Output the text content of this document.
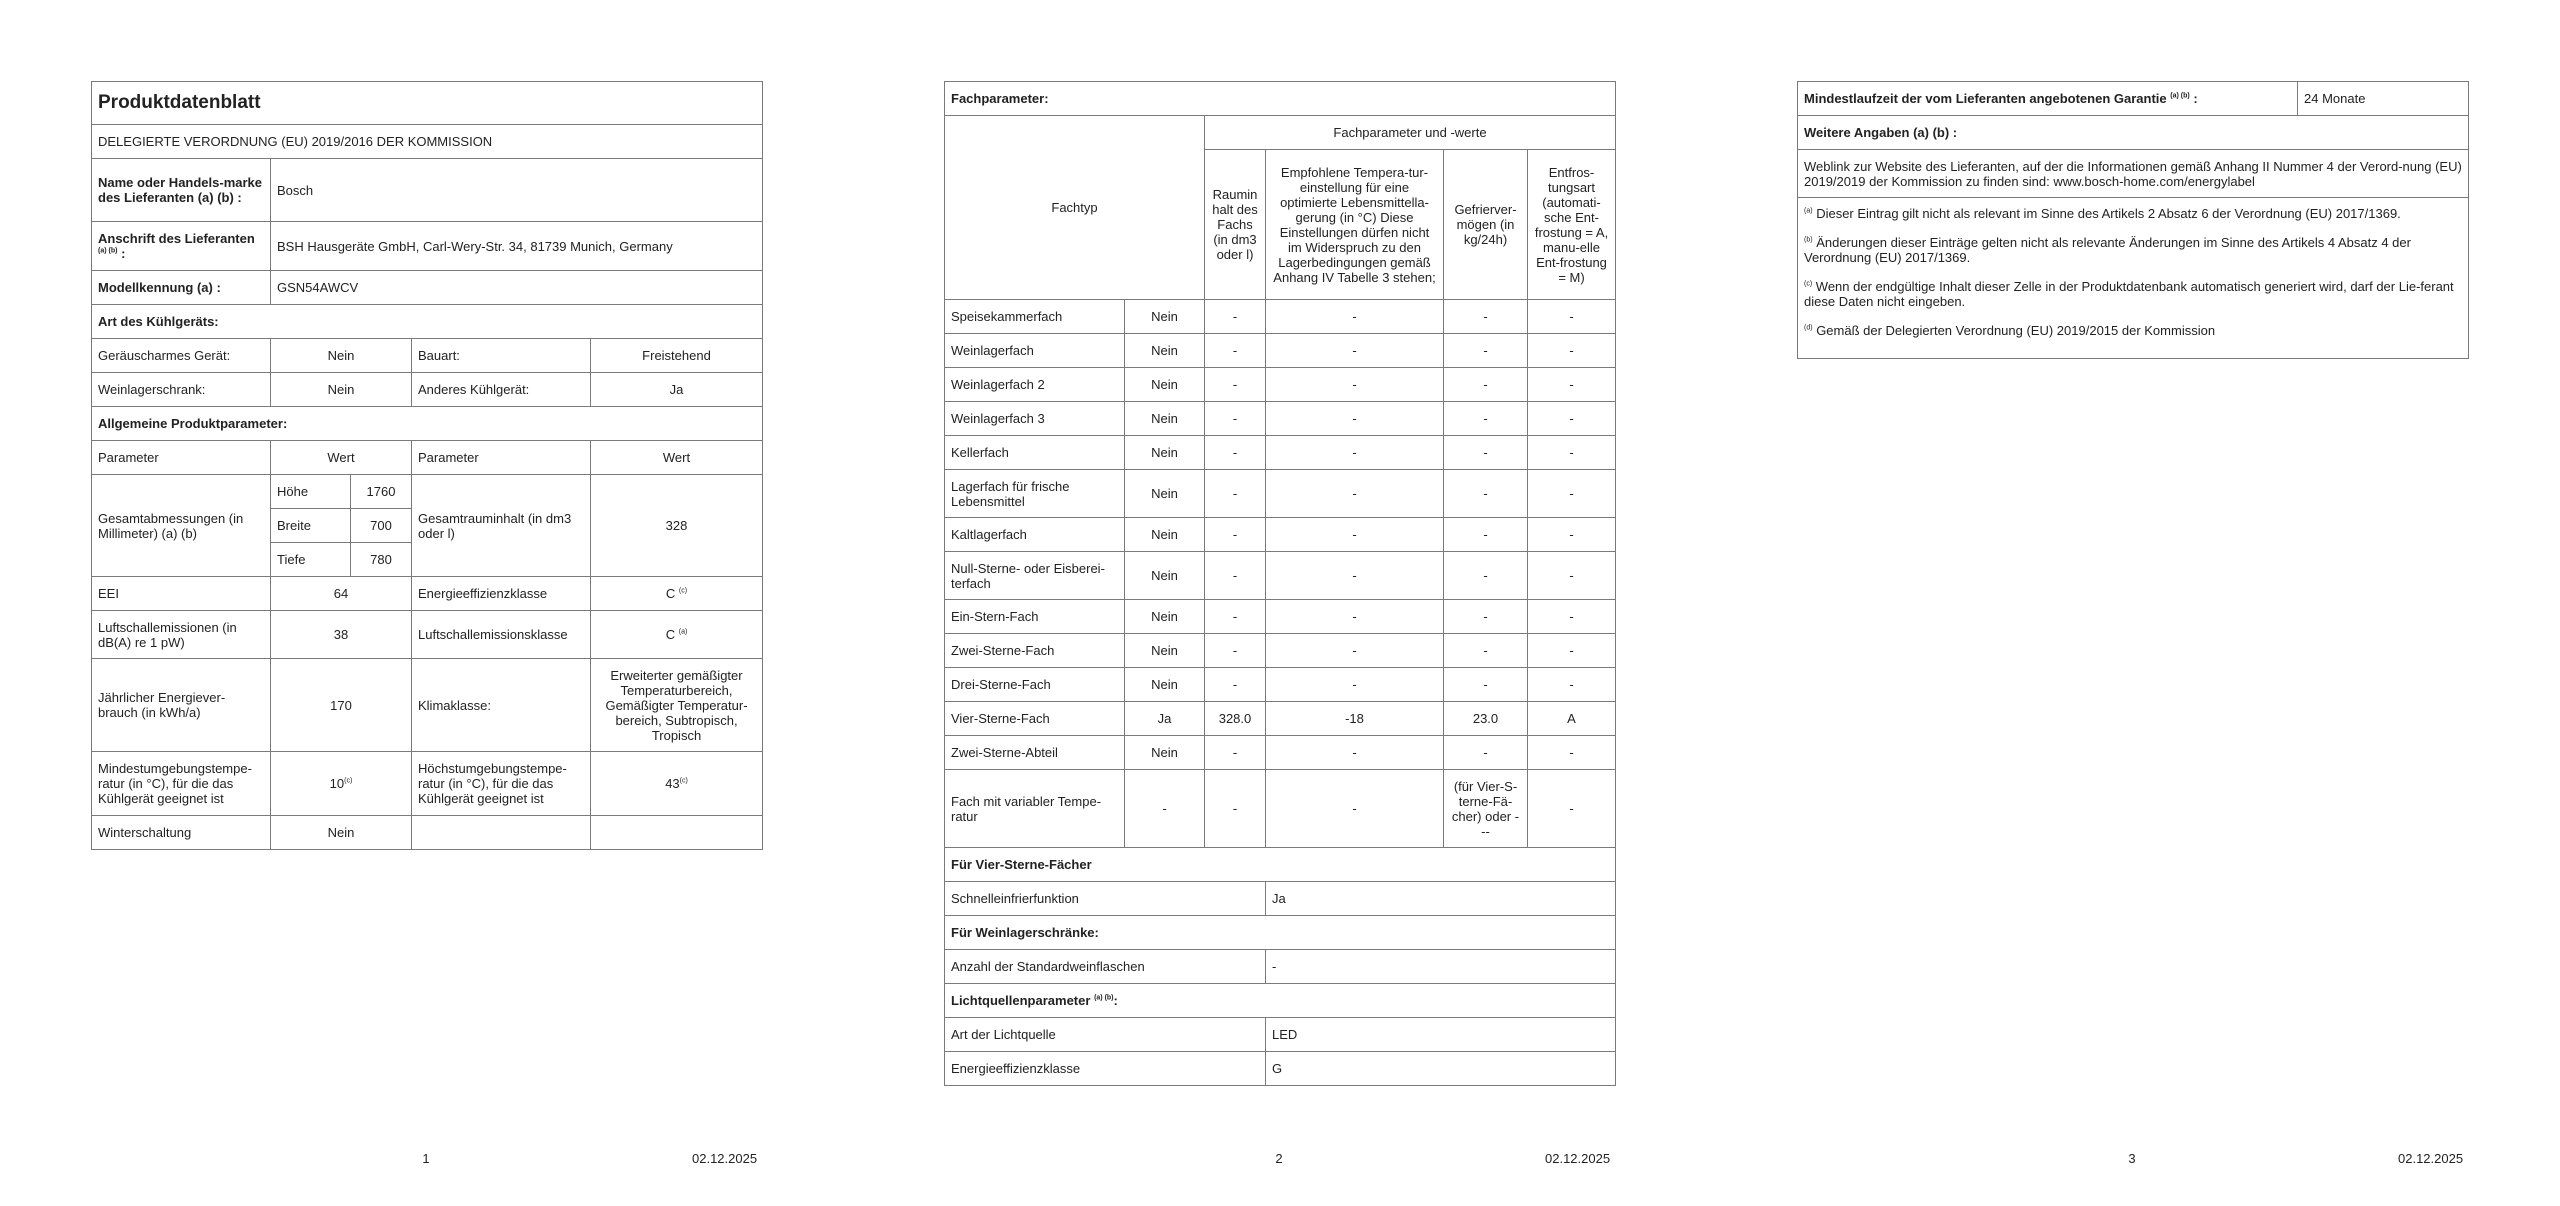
Produktdatenblatt				
DELEGIERTE VERORDNUNG (EU) 2019/2016 DER KOMMISSION				
Name oder Handels-marke des Lieferanten (a) (b) :	Bosch			
Anschrift des Lieferanten $^{(a) (b)}$ :	BSH Hausgeräte GmbH, Carl-Wery-Str. 34, 81739 Munich, Germany			
Modellkennung (a) :	GSN54AWCV			
Art des Kühlgeräts:				
Geräuscharmes Gerät:	Nein		Bauart:	Freistehend
Weinlagerschrank:	Nein		Anderes Kühlgerät:	Ja
Allgemeine Produktparameter:				
Parameter	Wert		Parameter	Wert
Gesamtabmessungen (in Millimeter) (a) (b)	Höhe	1760	Gesamtrauminhalt (in dm3 oder l)	328
	Breite	700		
	Tiefe	780		
EEI	64		Energieeffizienzklasse	C $^{(c)}$
Luftschallemissionen (in dB(A) re 1 pW)	38		Luftschallemissionsklasse	C $^{(a)}$
Jährlicher Energiever-brauch (in kWh/a)	170		Klimaklasse:	Erweiterter gemäßigter Temperaturbereich, Gemäßigter Temperatur-bereich, Subtropisch, Tropisch
Mindestumgebungstempe-ratur (in °C), für die das Kühlgerät geeignet ist	10$^{(c)}$		Höchstumgebungstempe-ratur (in °C), für die das Kühlgerät geeignet ist	43$^{(c)}$
Winterschaltung	Nein			
1	02.12.2025
Fachparameter:					
Fachtyp		Fachparameter und -werte			
		Raumin halt des Fachs (in dm3 oder l)	Empfohlene Tempera-tur-einstellung für eine optimierte Lebensmittella-gerung (in °C) Diese Einstellungen dürfen nicht im Widerspruch zu den Lagerbedingungen gemäß Anhang IV Tabelle 3 stehen;	Gefrierver-mögen (in kg/24h)	Entfros-tungsart (automati-sche Ent-frostung = A, manu-elle Ent-frostung = M)
Speisekammerfach	Nein	-	-	-	-
Weinlagerfach	Nein	-	-	-	-
Weinlagerfach 2	Nein	-	-	-	-
Weinlagerfach 3	Nein	-	-	-	-
Kellerfach	Nein	-	-	-	-
Lagerfach für frische Lebensmittel	Nein	-	-	-	-
Kaltlagerfach	Nein	-	-	-	-
Null-Sterne- oder Eisberei-terfach	Nein	-	-	-	-
Ein-Stern-Fach	Nein	-	-	-	-
Zwei-Sterne-Fach	Nein	-	-	-	-
Drei-Sterne-Fach	Nein	-	-	-	-
Vier-Sterne-Fach	Ja	328.0	-18	23.0	A
Zwei-Sterne-Abteil	Nein	-	-	-	-
Fach mit variabler Tempe-ratur	-	-	-	(für Vier-S-terne-Fä-cher) oder ---	-
Für Vier-Sterne-Fächer					
Schnelleinfrierfunktion			Ja		
Für Weinlagerschränke:					
Anzahl der Standardweinflaschen			-		
Lichtquellenparameter $^{(a) (b)}$:					
Art der Lichtquelle			LED		
Energieeffizienzklasse			G		
2	02.12.2025
Mindestlaufzeit der vom Lieferanten angebotenen Garantie $^{(a) (b)}$ :	24 Monate
Weitere Angaben (a) (b) :
Weblink zur Website des Lieferanten, auf der die Informationen gemäß Anhang II Nummer 4 der Verord-nung (EU) 2019/2019 der Kommission zu finden sind: www.bosch-home.com/energylabel

$^{(a)}$ Dieser Eintrag gilt nicht als relevant im Sinne des Artikels 2 Absatz 6 der Verordnung (EU) 2017/1369.
$^{(b)}$ Änderungen dieser Einträge gelten nicht als relevante Änderungen im Sinne des Artikels 4 Absatz 4 der Verordnung (EU) 2017/1369.
$^{(c)}$ Wenn der endgültige Inhalt dieser Zelle in der Produktdatenbank automatisch generiert wird, darf der Lie-ferant diese Daten nicht eingeben.
$^{(d)}$ Gemäß der Delegierten Verordnung (EU) 2019/2015 der Kommission
3	02.12.2025
